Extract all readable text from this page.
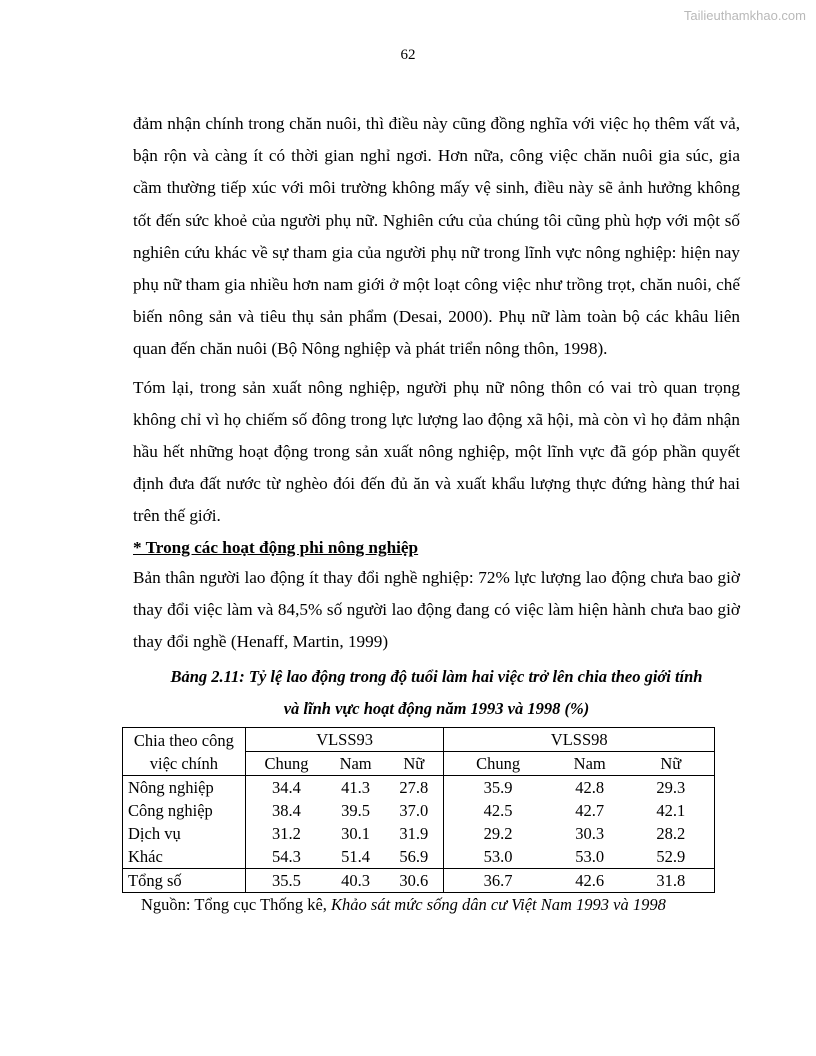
Tailieuthamkhao.com
62

đảm nhận chính trong chăn nuôi, thì điều này cũng đồng nghĩa với việc họ thêm vất vả, bận rộn và càng ít có thời gian nghỉ ngơi. Hơn nữa, công việc chăn nuôi gia súc, gia cầm thường tiếp xúc với môi trường không mấy vệ sinh, điều này sẽ ảnh hưởng không tốt đến sức khoẻ của người phụ nữ. Nghiên cứu của chúng tôi cũng phù hợp với một số nghiên cứu khác về sự tham gia của người phụ nữ trong lĩnh vực nông nghiệp: hiện nay phụ nữ tham gia nhiều hơn nam giới ở một loạt công việc như trồng trọt, chăn nuôi, chế biến nông sản và tiêu thụ sản phẩm (Desai, 2000). Phụ nữ làm toàn bộ các khâu liên quan đến chăn nuôi (Bộ Nông nghiệp và phát triển nông thôn, 1998).

Tóm lại, trong sản xuất nông nghiệp, người phụ nữ nông thôn có vai trò quan trọng không chỉ vì họ chiếm số đông trong lực lượng lao động xã hội, mà còn vì họ đảm nhận hầu hết những hoạt động trong sản xuất nông nghiệp, một lĩnh vực đã góp phần quyết định đưa đất nước từ nghèo đói đến đủ ăn và xuất khẩu lượng thực đứng hàng thứ hai trên thế giới.

* Trong các hoạt động phi nông nghiệp

Bản thân người lao động ít thay đổi nghề nghiệp: 72% lực lượng lao động chưa bao giờ thay đổi việc làm và 84,5% số người lao động đang có việc làm hiện hành chưa bao giờ thay đổi nghề (Henaff, Martin, 1999)

Bảng 2.11: Tỷ lệ lao động trong độ tuổi làm hai việc trở lên chia theo giới tính

và lĩnh vực hoạt động năm 1993 và 1998 (%)

Chia theo công	VLSS93			VLSS98		
việc chính	Chung	Nam	Nữ	Chung	Nam	Nữ
Nông nghiệp	34.4	41.3	27.8	35.9	42.8	29.3
Công nghiệp	38.4	39.5	37.0	42.5	42.7	42.1
Dịch vụ	31.2	30.1	31.9	29.2	30.3	28.2
Khác	54.3	51.4	56.9	53.0	53.0	52.9
Tổng số	35.5	40.3	30.6	36.7	42.6	31.8

Nguồn: Tổng cục Thống kê, Khảo sát mức sống dân cư Việt Nam 1993 và 1998
